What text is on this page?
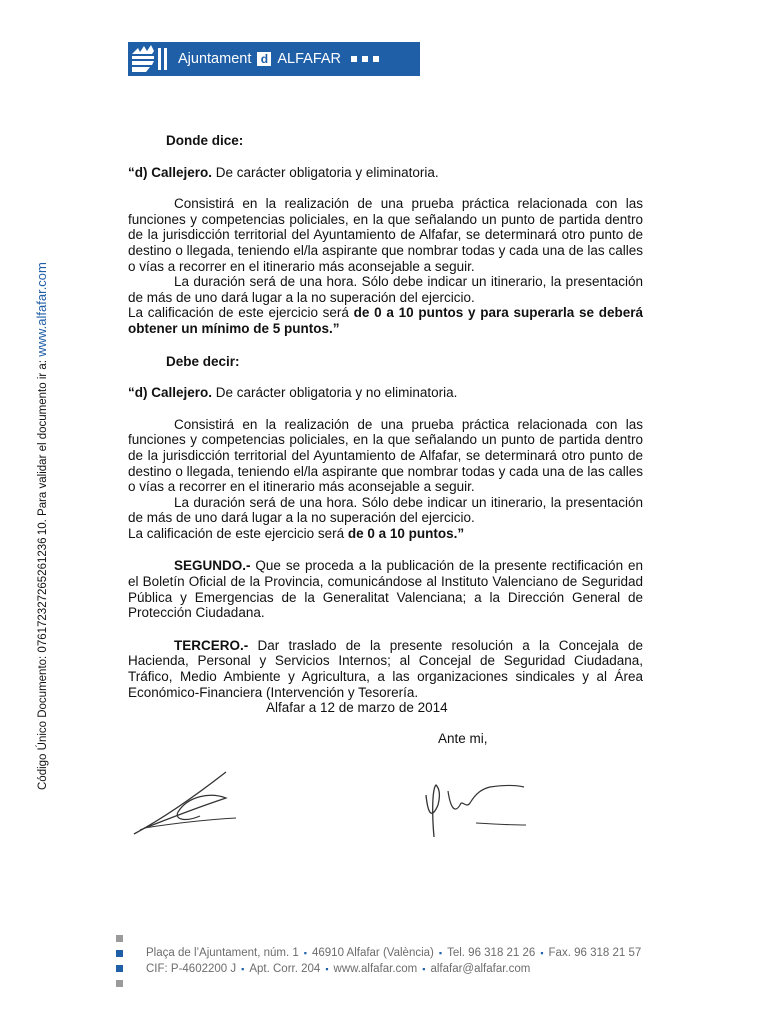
Ajuntament d ALFAFAR
Código Único Documento: 076172327265261236 10. Para validar el documento ir a: www.alfafar.com

Donde dice:

“d) Callejero. De carácter obligatoria y eliminatoria.

Consistirá en la realización de una prueba práctica relacionada con las funciones y competencias policiales, en la que señalando un punto de partida dentro de la jurisdicción territorial del Ayuntamiento de Alfafar, se determinará otro punto de destino o llegada, teniendo el/la aspirante que nombrar todas y cada una de las calles o vías a recorrer en el itinerario más aconsejable a seguir.

La duración será de una hora. Sólo debe indicar un itinerario, la presentación de más de uno dará lugar a la no superación del ejercicio.

La calificación de este ejercicio será de 0 a 10 puntos y para superarla se deberá obtener un mínimo de 5 puntos.”

Debe decir:

“d) Callejero. De carácter obligatoria y no eliminatoria.

Consistirá en la realización de una prueba práctica relacionada con las funciones y competencias policiales, en la que señalando un punto de partida dentro de la jurisdicción territorial del Ayuntamiento de Alfafar, se determinará otro punto de destino o llegada, teniendo el/la aspirante que nombrar todas y cada una de las calles o vías a recorrer en el itinerario más aconsejable a seguir.

La duración será de una hora. Sólo debe indicar un itinerario, la presentación de más de uno dará lugar a la no superación del ejercicio.

La calificación de este ejercicio será de 0 a 10 puntos.”

SEGUNDO.- Que se proceda a la publicación de la presente rectificación en el Boletín Oficial de la Provincia, comunicándose al Instituto Valenciano de Seguridad Pública y Emergencias de la Generalitat Valenciana; a la Dirección General de Protección Ciudadana.

TERCERO.- Dar traslado de la presente resolución a la Concejala de Hacienda, Personal y Servicios Internos; al Concejal de Seguridad Ciudadana, Tráfico, Medio Ambiente y Agricultura, a las organizaciones sindicales y al Área Económico-Financiera (Intervención y Tesorería.

Alfafar a 12 de marzo de 2014

Ante mi,

Plaça de l’Ajuntament, núm. 1 ▪ 46910 Alfafar (València) ▪ Tel. 96 318 21 26 ▪ Fax. 96 318 21 57
CIF: P-4602200 J ▪ Apt. Corr. 204 ▪ www.alfafar.com ▪ alfafar@alfafar.com
